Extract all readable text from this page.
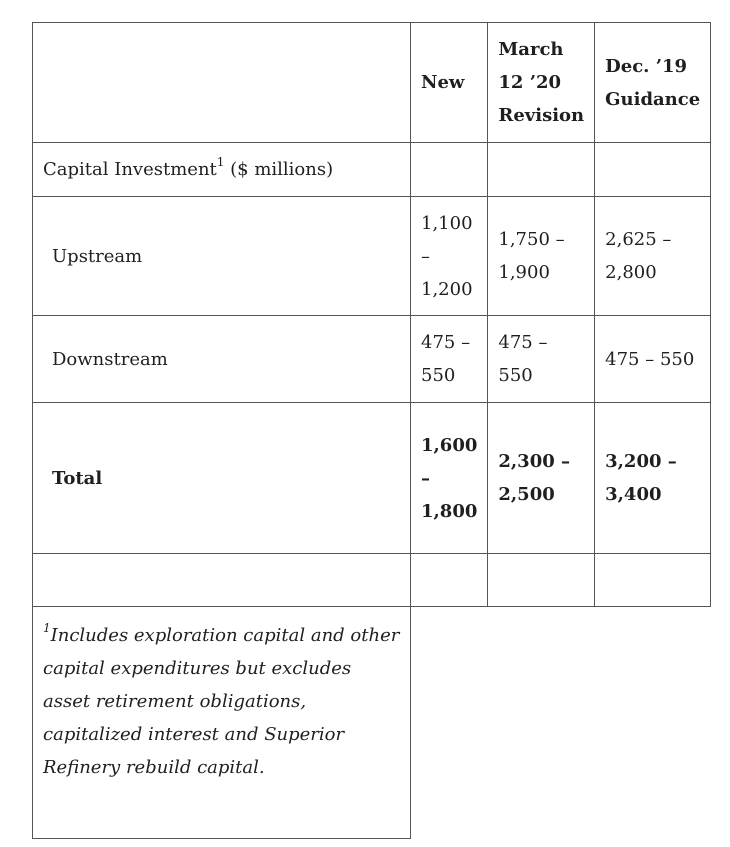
	New	March 12 ’20 Revision	Dec. ’19 Guidance
Capital Investment$^1$ ($ millions)			
Upstream	1,100 – 1,200	1,750 – 1,900	2,625 – 2,800
Downstream	475 – 550	475 – 550	475 – 550
Total	1,600 – 1,800	2,300 – 2,500	3,200 – 3,400

$^1$Includes exploration capital and other capital expenditures but excludes asset retirement obligations, capitalized interest and Superior Refinery rebuild capital.			
